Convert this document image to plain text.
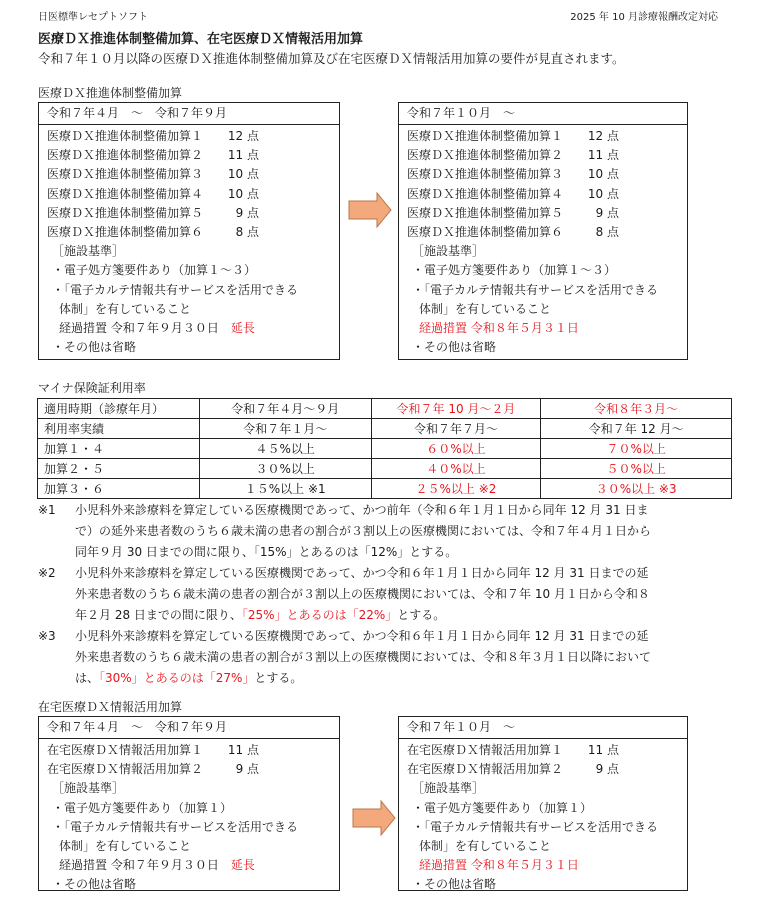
日医標準レセプトソフト	2025 年 10 月診療報酬改定対応
医療ＤＸ推進体制整備加算、在宅医療ＤＸ情報活用加算
令和７年１０月以降の医療ＤＸ推進体制整備加算及び在宅医療ＤＸ情報活用加算の要件が見直されます。
医療ＤＸ推進体制整備加算
令和７年４月　～　令和７年９月
医療ＤＸ推進体制整備加算１ 12 点
医療ＤＸ推進体制整備加算２ 11 点
医療ＤＸ推進体制整備加算３ 10 点
医療ＤＸ推進体制整備加算４ 10 点
医療ＤＸ推進体制整備加算５	9 点
医療ＤＸ推進体制整備加算６	8 点
［施設基準］
・電子処方箋要件あり（加算１～３）
・「電子カルテ情報共有サービスを活用できる
体制」を有していること
経過措置 令和７年９月３０日　 延長
・その他は省略
令和７年１０月　～
医療ＤＸ推進体制整備加算１ 12 点
医療ＤＸ推進体制整備加算２ 11 点
医療ＤＸ推進体制整備加算３ 10 点
医療ＤＸ推進体制整備加算４ 10 点
医療ＤＸ推進体制整備加算５	9 点
医療ＤＸ推進体制整備加算６	8 点
［施設基準］
・電子処方箋要件あり（加算１～３）
・「電子カルテ情報共有サービスを活用できる
体制」を有していること
経過措置 令和８年５月３１日
・その他は省略
マイナ保険証利用率
適用時期（診療年月）	令和７年４月～９月	令和７年 10 月～２月	令和８年３月～
利用率実績	令和７年１月～	令和７年７月～	令和７年 12 月～
加算１・４	４５%以上	６０%以上	７０%以上
加算２・５	３０%以上	４０%以上	５０%以上
加算３・６	１５%以上 ※1	２５%以上 ※2	３０%以上 ※3
※1 小児科外来診療料を算定している医療機関であって、かつ前年（令和６年１月１日から同年 12 月 31 日ま
で）の延外来患者数のうち６歳未満の患者の割合が３割以上の医療機関においては、令和７年４月１日から
同年９月 30 日までの間に限り、「15%」とあるのは「12%」とする。
※2 小児科外来診療料を算定している医療機関であって、かつ令和６年１月１日から同年 12 月 31 日までの延
外来患者数のうち６歳未満の患者の割合が３割以上の医療機関においては、令和７年 10 月１日から令和８
年２月 28 日までの間に限り、「25%」とあるのは「22%」とする。
※3 小児科外来診療料を算定している医療機関であって、かつ令和６年１月１日から同年 12 月 31 日までの延
外来患者数のうち６歳未満の患者の割合が３割以上の医療機関においては、令和８年３月１日以降において
は、「30%」とあるのは「27%」とする。
在宅医療ＤＸ情報活用加算
令和７年４月　～　令和７年９月
在宅医療ＤＸ情報活用加算１ 11 点
在宅医療ＤＸ情報活用加算２	9 点
［施設基準］
・電子処方箋要件あり（加算１）
・「電子カルテ情報共有サービスを活用できる
体制」を有していること
経過措置 令和７年９月３０日　 延長
・その他は省略
令和７年１０月　～
在宅医療ＤＸ情報活用加算１ 11 点
在宅医療ＤＸ情報活用加算２	9 点
［施設基準］
・電子処方箋要件あり（加算１）
・「電子カルテ情報共有サービスを活用できる
体制」を有していること
経過措置 令和８年５月３１日
・その他は省略
